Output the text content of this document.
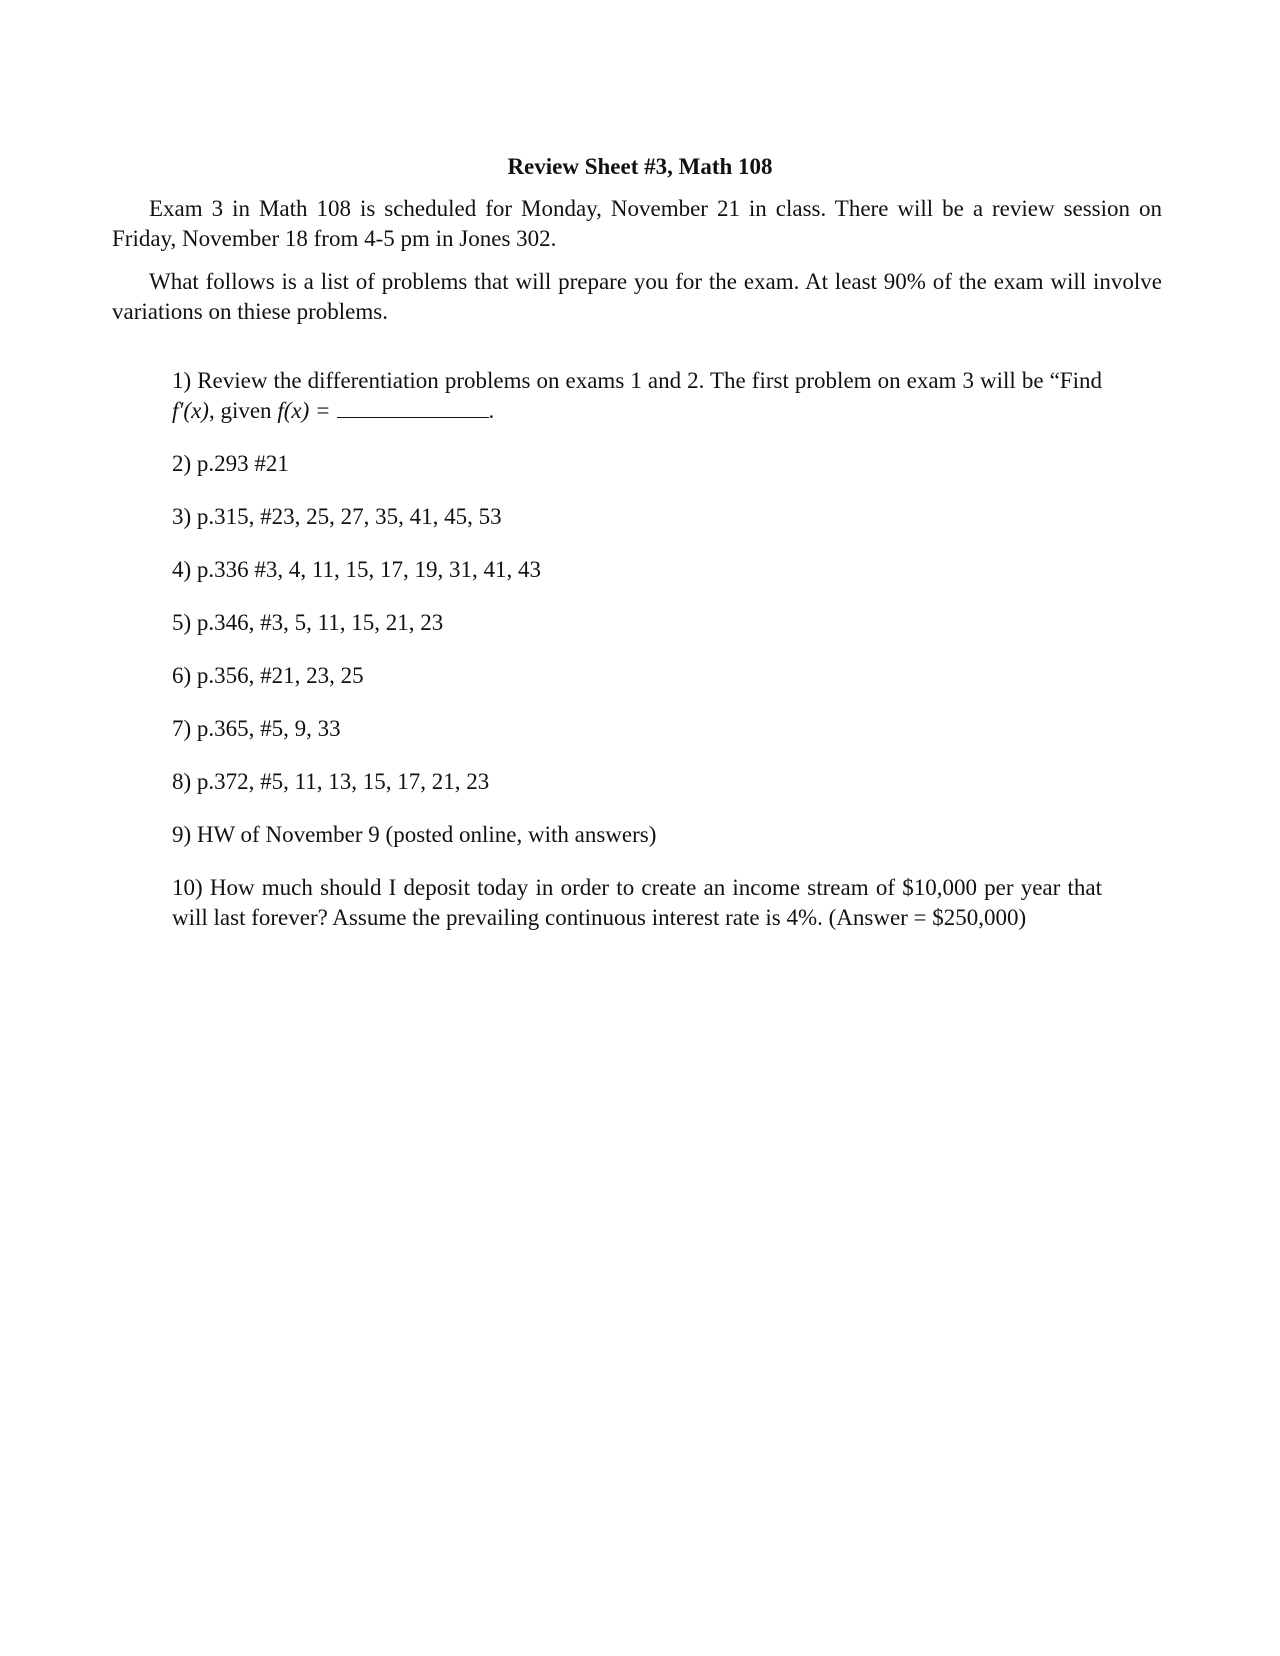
Review Sheet #3, Math 108

Exam 3 in Math 108 is scheduled for Monday, November 21 in class. There will be a review session on Friday, November 18 from 4-5 pm in Jones 302.

What follows is a list of problems that will prepare you for the exam. At least 90% of the exam will involve variations on thiese problems.

1) Review the differentiation problems on exams 1 and 2. The first problem on exam 3 will be “Find f′(x), given f(x) =	.
2) p.293 #21
3) p.315, #23, 25, 27, 35, 41, 45, 53
4) p.336 #3, 4, 11, 15, 17, 19, 31, 41, 43
5) p.346, #3, 5, 11, 15, 21, 23
6) p.356, #21, 23, 25
7) p.365, #5, 9, 33
8) p.372, #5, 11, 13, 15, 17, 21, 23
9) HW of November 9 (posted online, with answers)
10) How much should I deposit today in order to create an income stream of $10,000 per year that will last forever? Assume the prevailing continuous interest rate is 4%. (Answer = $250,000)
